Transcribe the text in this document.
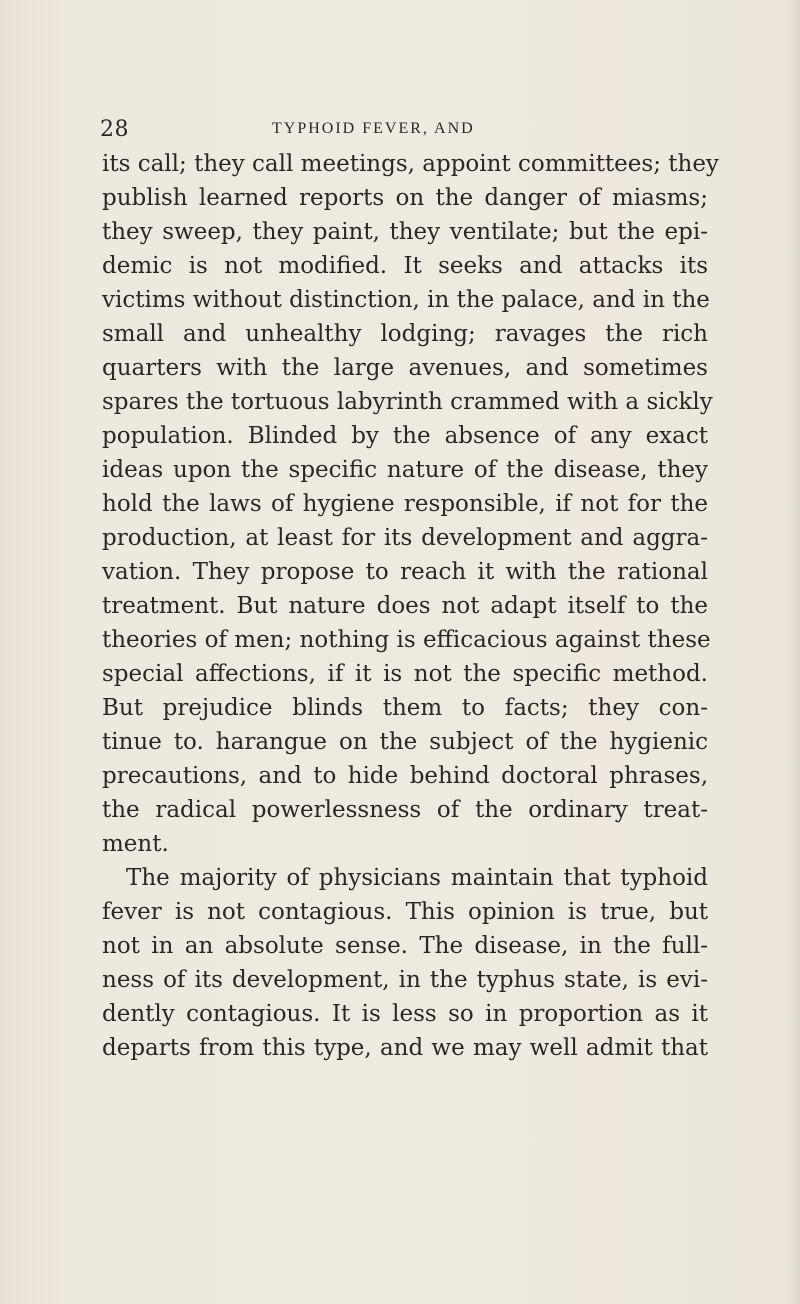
28	TYPHOID FEVER, AND
its call; they call meetings, appoint committees; they
publish learned reports on the danger of miasms;
they sweep, they paint, they ventilate; but the epi-
demic is not modified. It seeks and attacks its
victims without distinction, in the palace, and in the
small and unhealthy lodging; ravages the rich
quarters with the large avenues, and sometimes
spares the tortuous labyrinth crammed with a sickly
population. Blinded by the absence of any exact
ideas upon the specific nature of the disease, they
hold the laws of hygiene responsible, if not for the
production, at least for its development and aggra-
vation. They propose to reach it with the rational
treatment. But nature does not adapt itself to the
theories of men; nothing is efficacious against these
special affections, if it is not the specific method.
But prejudice blinds them to facts; they con-
tinue to. harangue on the subject of the hygienic
precautions, and to hide behind doctoral phrases,
the radical powerlessness of the ordinary treat-
ment.
The majority of physicians maintain that typhoid
fever is not contagious. This opinion is true, but
not in an absolute sense. The disease, in the full-
ness of its development, in the typhus state, is evi-
dently contagious. It is less so in proportion as it
departs from this type, and we may well admit that
